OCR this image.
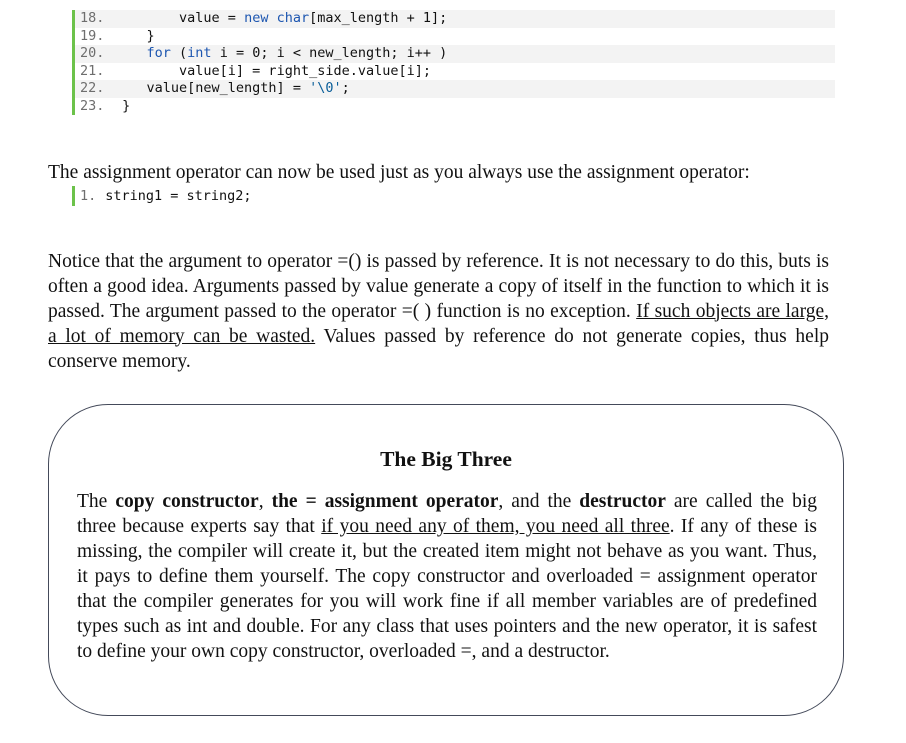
18.	value = new char[max_length + 1];
19.	}
20.	for (int i = 0; i < new_length; i++ )
21.	value[i] = right_side.value[i];
22.	value[new_length] = '\0';
23.	}

The assignment operator can now be used just as you always use the assignment operator:

1. string1 = string2;

Notice that the argument to operator =() is passed by reference. It is not necessary to do this, buts is often a good idea. Arguments passed by value generate a copy of itself in the function to which it is passed. The argument passed to the operator =( ) function is no exception. If such objects are large, a lot of memory can be wasted. Values passed by reference do not generate copies, thus help conserve memory.

The Big Three
The copy constructor, the = assignment operator, and the destructor are called the big three because experts say that if you need any of them, you need all three. If any of these is missing, the compiler will create it, but the created item might not behave as you want. Thus, it pays to define them yourself. The copy constructor and overloaded = assignment operator that the compiler generates for you will work fine if all member variables are of predefined types such as int and double. For any class that uses pointers and the new operator, it is safest to define your own copy constructor, overloaded =, and a destructor.
